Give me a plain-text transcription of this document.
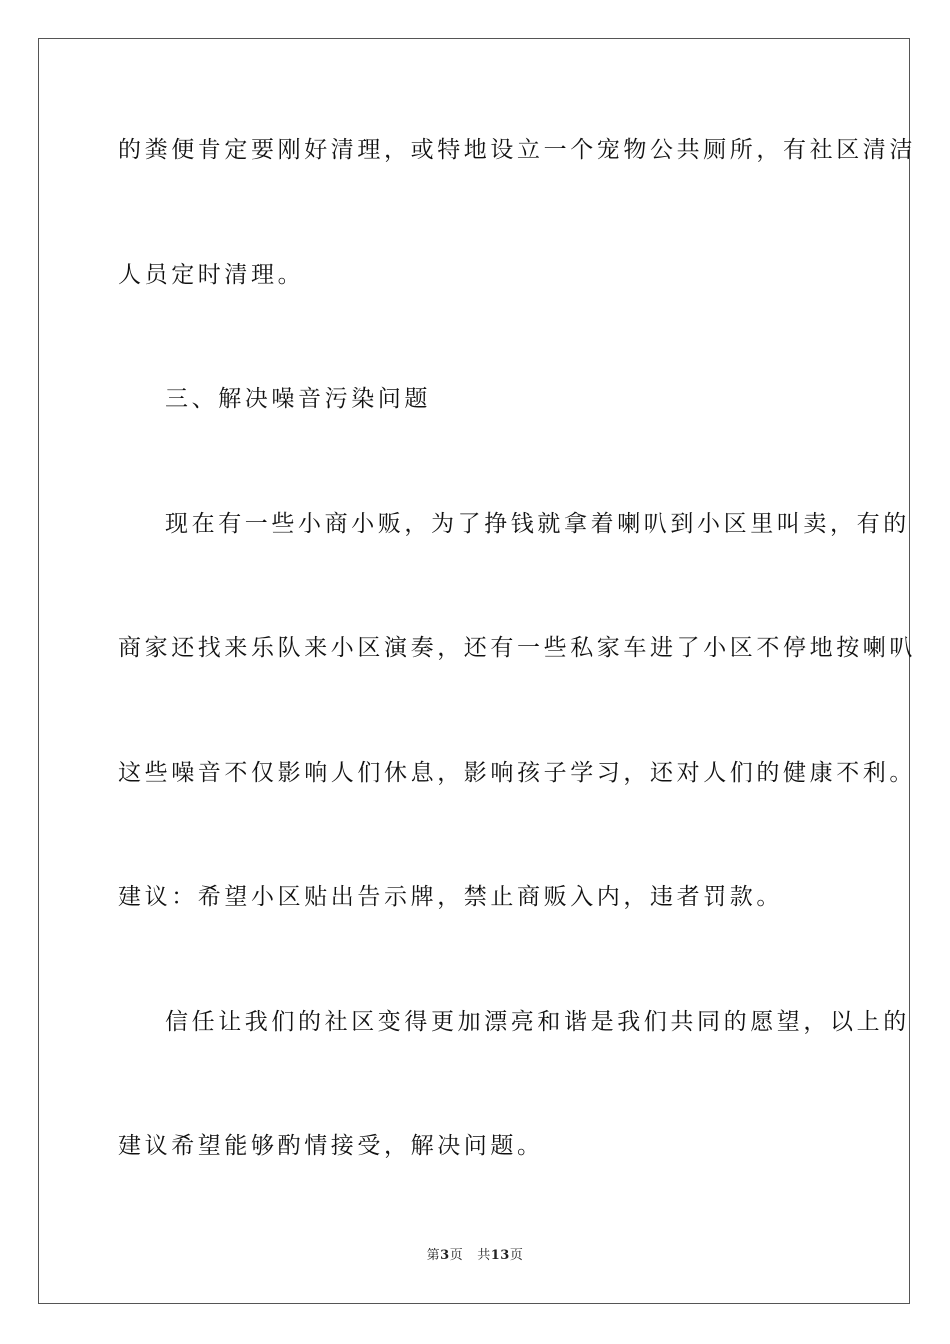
的粪便肯定要刚好清理，或特地设立一个宠物公共厕所，有社区清洁
人员定时清理。
三、解决噪音污染问题
现在有一些小商小贩，为了挣钱就拿着喇叭到小区里叫卖，有的
商家还找来乐队来小区演奏，还有一些私家车进了小区不停地按喇叭
这些噪音不仅影响人们休息，影响孩子学习，还对人们的健康不利。
建议：希望小区贴出告示牌，禁止商贩入内，违者罚款。
信任让我们的社区变得更加漂亮和谐是我们共同的愿望，以上的
建议希望能够酌情接受，解决问题。
第3页 共13页
